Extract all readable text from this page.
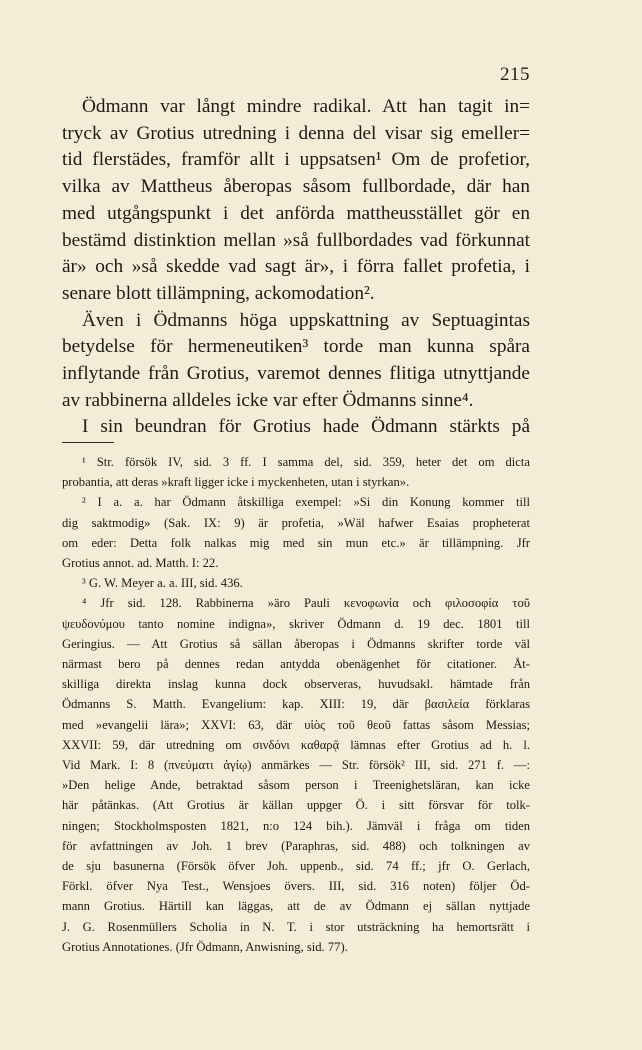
215
Ödmann var långt mindre radikal. Att han tagit in=
tryck av Grotius utredning i denna del visar sig emeller=
tid flerstädes, framför allt i uppsatsen¹ Om de profetior,
vilka av Mattheus åberopas såsom fullbordade, där han
med utgångspunkt i det anförda mattheusstället gör en
bestämd distinktion mellan »så fullbordades vad förkunnat
är» och »så skedde vad sagt är», i förra fallet profetia, i
senare blott tillämpning, ackomodation².
Även i Ödmanns höga uppskattning av Septuagintas
betydelse för hermeneutiken³ torde man kunna spåra
inflytande från Grotius, varemot dennes flitiga utnyttjande
av rabbinerna alldeles icke var efter Ödmanns sinne⁴.
I sin beundran för Grotius hade Ödmann stärkts på
¹ Str. försök IV, sid. 3 ff. I samma del, sid. 359, heter det om dicta
probantia, att deras »kraft ligger icke i myckenheten, utan i styrkan».
² I a. a. har Ödmann åtskilliga exempel: »Si din Konung kommer till
dig saktmodig» (Sak. IX: 9) är profetia, »Wäl hafwer Esaias propheterat
om eder: Detta folk nalkas mig med sin mun etc.» är tillämpning. Jfr
Grotius annot. ad. Matth. I: 22.
³ G. W. Meyer a. a. III, sid. 436.
⁴ Jfr sid. 128. Rabbinerna »äro Pauli κενοφωνία och φιλοσοφία τοῦ
ψευδονύμου tanto nomine indigna», skriver Ödmann d. 19 dec. 1801 till
Geringius. — Att Grotius så sällan åberopas i Ödmanns skrifter torde väl
närmast bero på dennes redan antydda obenägenhet för citationer. Åt-
skilliga direkta inslag kunna dock observeras, huvudsakl. hämtade från
Ödmanns S. Matth. Evangelium: kap. XIII: 19, där βασιλεία förklaras
med »evangelii lära»; XXVI: 63, där υἱὸς τοῦ θεοῦ fattas såsom Messias;
XXVII: 59, där utredning om σινδόνι καθαρᾷ lämnas efter Grotius ad h. l.
Vid Mark. I: 8 (πνεύματι ἁγίῳ) anmärkes — Str. försök² III, sid. 271 f. —:
»Den helige Ande, betraktad såsom person i Treenighetsläran, kan icke
här påtänkas. (Att Grotius är källan uppger Ö. i sitt försvar för tolk-
ningen; Stockholmsposten 1821, n:o 124 bih.). Jämväl i fråga om tiden
för avfattningen av Joh. 1 brev (Paraphras, sid. 488) och tolkningen av
de sju basunerna (Försök öfver Joh. uppenb., sid. 74 ff.; jfr O. Gerlach,
Förkl. öfver Nya Test., Wensjoes övers. III, sid. 316 noten) följer Öd-
mann Grotius. Härtill kan läggas, att de av Ödmann ej sällan nyttjade
J. G. Rosenmüllers Scholia in N. T. i stor utsträckning ha hemortsrätt i
Grotius Annotationes. (Jfr Ödmann, Anwisning, sid. 77).
